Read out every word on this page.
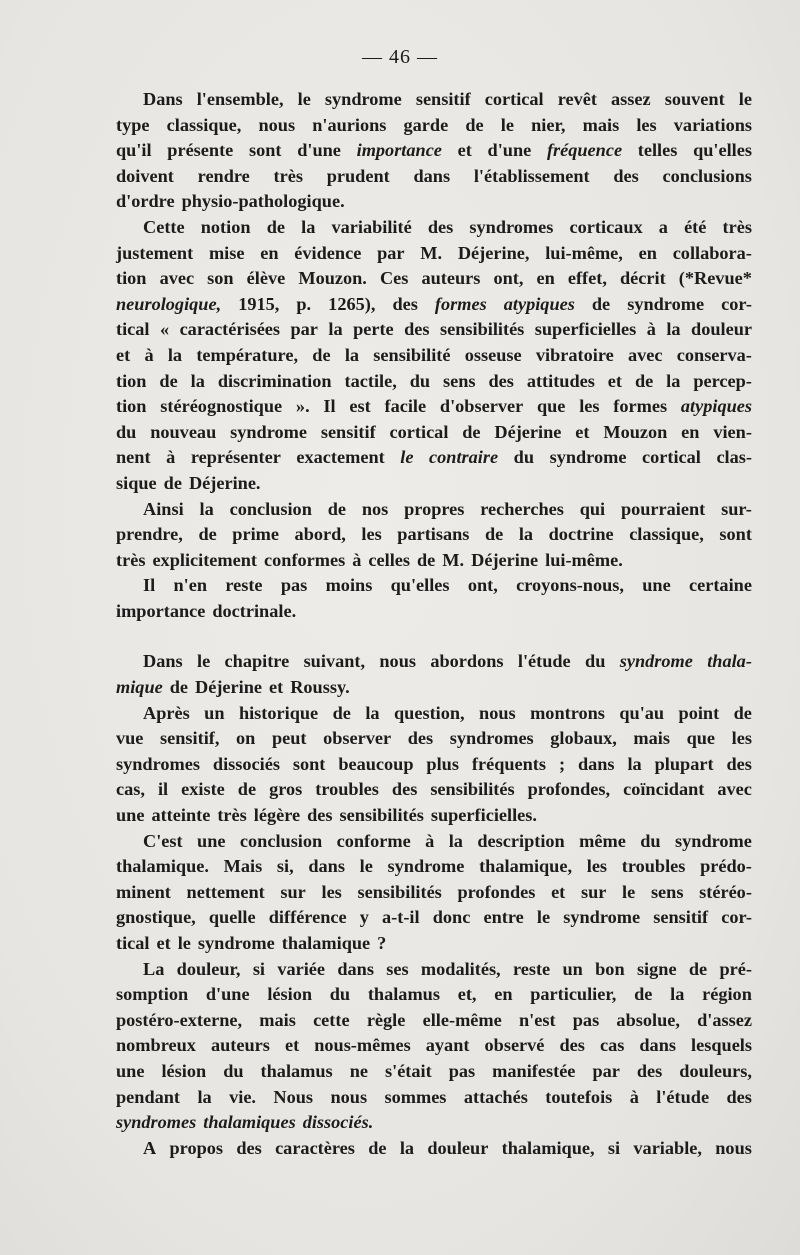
— 46 —
Dans l'ensemble, le syndrome sensitif cortical revêt assez souvent le
type classique, nous n'aurions garde de le nier, mais les variations
qu'il présente sont d'une importance et d'une fréquence telles qu'elles
doivent rendre très prudent dans l'établissement des conclusions
d'ordre physio-pathologique.
Cette notion de la variabilité des syndromes corticaux a été très
justement mise en évidence par M. Déjerine, lui-même, en collabora-
tion avec son élève Mouzon. Ces auteurs ont, en effet, décrit (*Revue*
neurologique, 1915, p. 1265), des formes atypiques de syndrome cor-
tical « caractérisées par la perte des sensibilités superficielles à la douleur
et à la température, de la sensibilité osseuse vibratoire avec conserva-
tion de la discrimination tactile, du sens des attitudes et de la percep-
tion stéréognostique ». Il est facile d'observer que les formes atypiques
du nouveau syndrome sensitif cortical de Déjerine et Mouzon en vien-
nent à représenter exactement le contraire du syndrome cortical clas-
sique de Déjerine.
Ainsi la conclusion de nos propres recherches qui pourraient sur-
prendre, de prime abord, les partisans de la doctrine classique, sont
très explicitement conformes à celles de M. Déjerine lui-même.
Il n'en reste pas moins qu'elles ont, croyons-nous, une certaine
importance doctrinale.
Dans le chapitre suivant, nous abordons l'étude du syndrome thala-
mique de Déjerine et Roussy.
Après un historique de la question, nous montrons qu'au point de
vue sensitif, on peut observer des syndromes globaux, mais que les
syndromes dissociés sont beaucoup plus fréquents ; dans la plupart des
cas, il existe de gros troubles des sensibilités profondes, coïncidant avec
une atteinte très légère des sensibilités superficielles.
C'est une conclusion conforme à la description même du syndrome
thalamique. Mais si, dans le syndrome thalamique, les troubles prédo-
minent nettement sur les sensibilités profondes et sur le sens stéréo-
gnostique, quelle différence y a-t-il donc entre le syndrome sensitif cor-
tical et le syndrome thalamique ?
La douleur, si variée dans ses modalités, reste un bon signe de pré-
somption d'une lésion du thalamus et, en particulier, de la région
postéro-externe, mais cette règle elle-même n'est pas absolue, d'assez
nombreux auteurs et nous-mêmes ayant observé des cas dans lesquels
une lésion du thalamus ne s'était pas manifestée par des douleurs,
pendant la vie. Nous nous sommes attachés toutefois à l'étude des
syndromes thalamiques dissociés.
A propos des caractères de la douleur thalamique, si variable, nous
